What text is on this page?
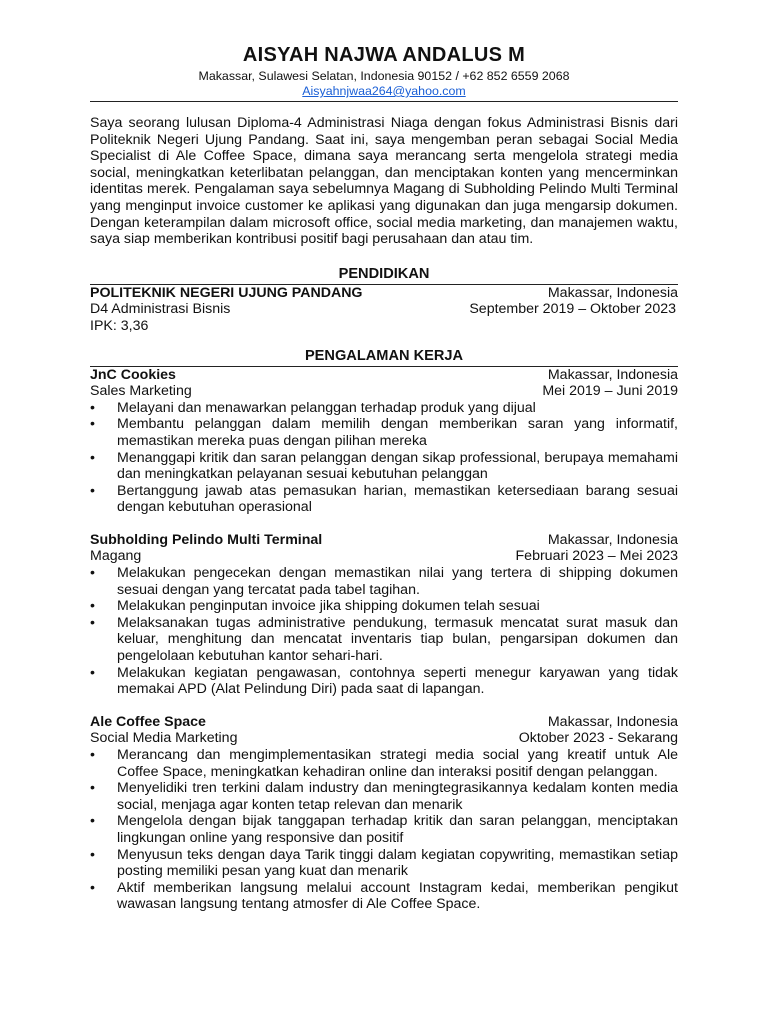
AISYAH NAJWA ANDALUS M
Makassar, Sulawesi Selatan, Indonesia 90152 / +62 852 6559 2068
Aisyahnjwaa264@yahoo.com
Saya seorang lulusan Diploma-4 Administrasi Niaga dengan fokus Administrasi Bisnis dari Politeknik Negeri Ujung Pandang. Saat ini, saya mengemban peran sebagai Social Media Specialist di Ale Coffee Space, dimana saya merancang serta mengelola strategi media social, meningkatkan keterlibatan pelanggan, dan menciptakan konten yang mencerminkan identitas merek. Pengalaman saya sebelumnya Magang di Subholding Pelindo Multi Terminal yang menginput invoice customer ke aplikasi yang digunakan dan juga mengarsip dokumen. Dengan keterampilan dalam microsoft office, social media marketing, dan manajemen waktu, saya siap memberikan kontribusi positif bagi perusahaan dan atau tim.
PENDIDIKAN
POLITEKNIK NEGERI UJUNG PANDANG	Makassar, Indonesia
D4 Administrasi Bisnis	September 2019 – Oktober 2023
IPK: 3,36
PENGALAMAN KERJA
JnC Cookies	Makassar, Indonesia
Sales Marketing	Mei 2019 – Juni 2019
• Melayani dan menawarkan pelanggan terhadap produk yang dijual
• Membantu pelanggan dalam memilih dengan memberikan saran yang informatif, memastikan mereka puas dengan pilihan mereka
• Menanggapi kritik dan saran pelanggan dengan sikap professional, berupaya memahami dan meningkatkan pelayanan sesuai kebutuhan pelanggan
• Bertanggung jawab atas pemasukan harian, memastikan ketersediaan barang sesuai dengan kebutuhan operasional
Subholding Pelindo Multi Terminal	Makassar, Indonesia
Magang	Februari 2023 – Mei 2023
• Melakukan pengecekan dengan memastikan nilai yang tertera di shipping dokumen sesuai dengan yang tercatat pada tabel tagihan.
• Melakukan penginputan invoice jika shipping dokumen telah sesuai
• Melaksanakan tugas administrative pendukung, termasuk mencatat surat masuk dan keluar, menghitung dan mencatat inventaris tiap bulan, pengarsipan dokumen dan pengelolaan kebutuhan kantor sehari-hari.
• Melakukan kegiatan pengawasan, contohnya seperti menegur karyawan yang tidak memakai APD (Alat Pelindung Diri) pada saat di lapangan.
Ale Coffee Space	Makassar, Indonesia
Social Media Marketing	Oktober 2023 - Sekarang
• Merancang dan mengimplementasikan strategi media social yang kreatif untuk Ale Coffee Space, meningkatkan kehadiran online dan interaksi positif dengan pelanggan.
• Menyelidiki tren terkini dalam industry dan meningtegrasikannya kedalam konten media social, menjaga agar konten tetap relevan dan menarik
• Mengelola dengan bijak tanggapan terhadap kritik dan saran pelanggan, menciptakan lingkungan online yang responsive dan positif
• Menyusun teks dengan daya Tarik tinggi dalam kegiatan copywriting, memastikan setiap posting memiliki pesan yang kuat dan menarik
• Aktif memberikan langsung melalui account Instagram kedai, memberikan pengikut wawasan langsung tentang atmosfer di Ale Coffee Space.
